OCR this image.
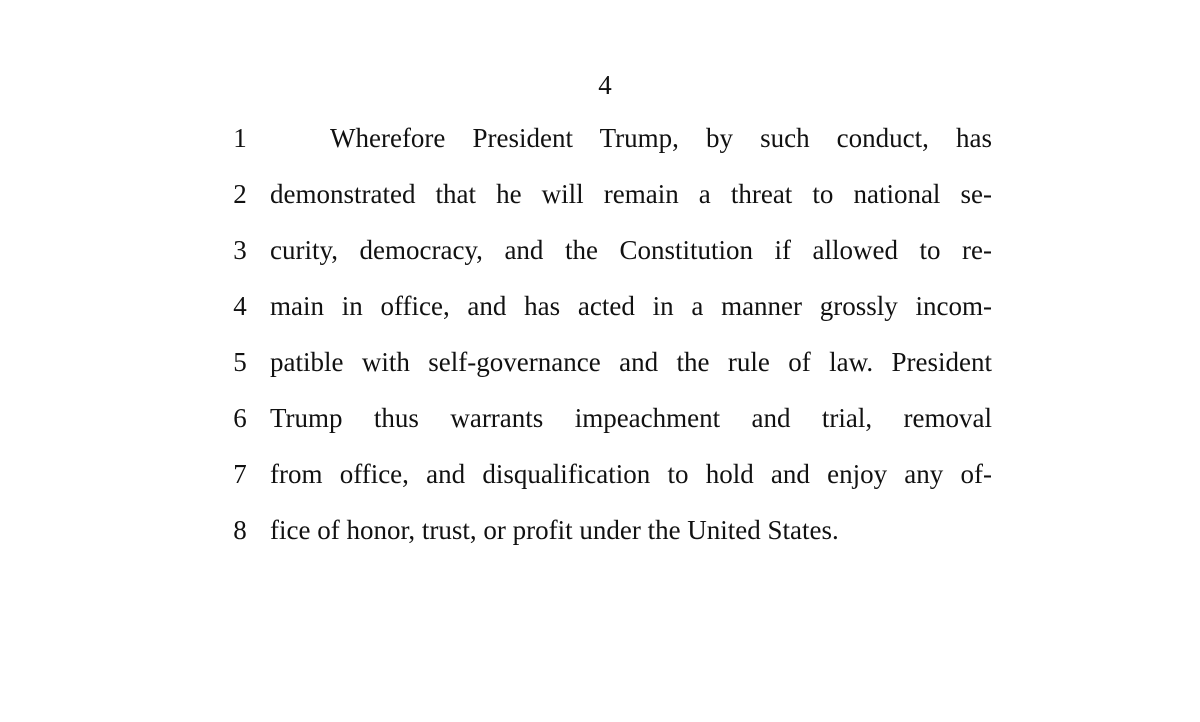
4
1	Wherefore President Trump, by such conduct, has
2 demonstrated that he will remain a threat to national se-
3 curity, democracy, and the Constitution if allowed to re-
4 main in office, and has acted in a manner grossly incom-
5 patible with self-governance and the rule of law. President
6 Trump thus warrants impeachment and trial, removal
7 from office, and disqualification to hold and enjoy any of-
8 fice of honor, trust, or profit under the United States.
